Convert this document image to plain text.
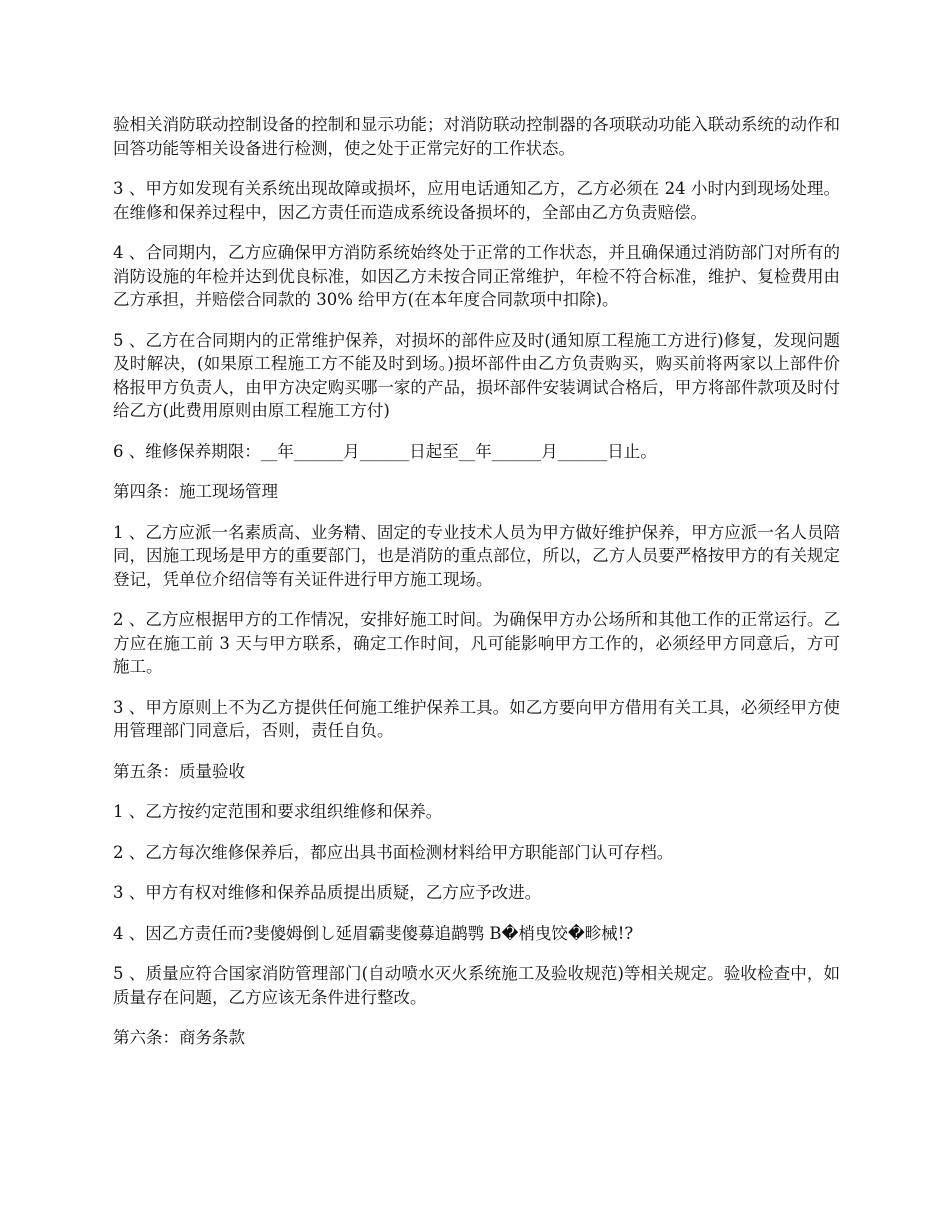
验相关消防联动控制设备的控制和显示功能；对消防联动控制器的各项联动功能入联动系统的动作和回答功能等相关设备进行检测，使之处于正常完好的工作状态。

3 、甲方如发现有关系统出现故障或损坏，应用电话通知乙方，乙方必须在 24 小时内到现场处理。在维修和保养过程中，因乙方责任而造成系统设备损坏的，全部由乙方负责赔偿。

4 、合同期内，乙方应确保甲方消防系统始终处于正常的工作状态，并且确保通过消防部门对所有的消防设施的年检并达到优良标准，如因乙方未按合同正常维护，年检不符合标准，维护、复检费用由乙方承担，并赔偿合同款的 30% 给甲方(在本年度合同款项中扣除)。

5 、乙方在合同期内的正常维护保养，对损坏的部件应及时(通知原工程施工方进行)修复，发现问题及时解决，(如果原工程施工方不能及时到场。)损坏部件由乙方负责购买，购买前将两家以上部件价格报甲方负责人，由甲方决定购买哪一家的产品，损坏部件安装调试合格后，甲方将部件款项及时付给乙方(此费用原则由原工程施工方付)

6 、维修保养期限：__年______月______日起至__年______月______日止。

第四条：施工现场管理

1 、乙方应派一名素质高、业务精、固定的专业技术人员为甲方做好维护保养，甲方应派一名人员陪同，因施工现场是甲方的重要部门，也是消防的重点部位，所以，乙方人员要严格按甲方的有关规定登记，凭单位介绍信等有关证件进行甲方施工现场。

2 、乙方应根据甲方的工作情况，安排好施工时间。为确保甲方办公场所和其他工作的正常运行。乙方应在施工前 3 天与甲方联系，确定工作时间，凡可能影响甲方工作的，必须经甲方同意后，方可施工。

3 、甲方原则上不为乙方提供任何施工维护保养工具。如乙方要向甲方借用有关工具，必须经甲方使用管理部门同意后，否则，责任自负。

第五条：质量验收

1 、乙方按约定范围和要求组织维修和保养。

2 、乙方每次维修保养后，都应出具书面检测材料给甲方职能部门认可存档。

3 、甲方有权对维修和保养品质提出质疑，乙方应予改进。

4 、因乙方责任而?斐傻姆倒し延眉霸斐傻募追鹋鹗 B�梢曳饺�畛械!?

5 、质量应符合国家消防管理部门(自动喷水灭火系统施工及验收规范)等相关规定。验收检查中，如质量存在问题，乙方应该无条件进行整改。

第六条：商务条款
